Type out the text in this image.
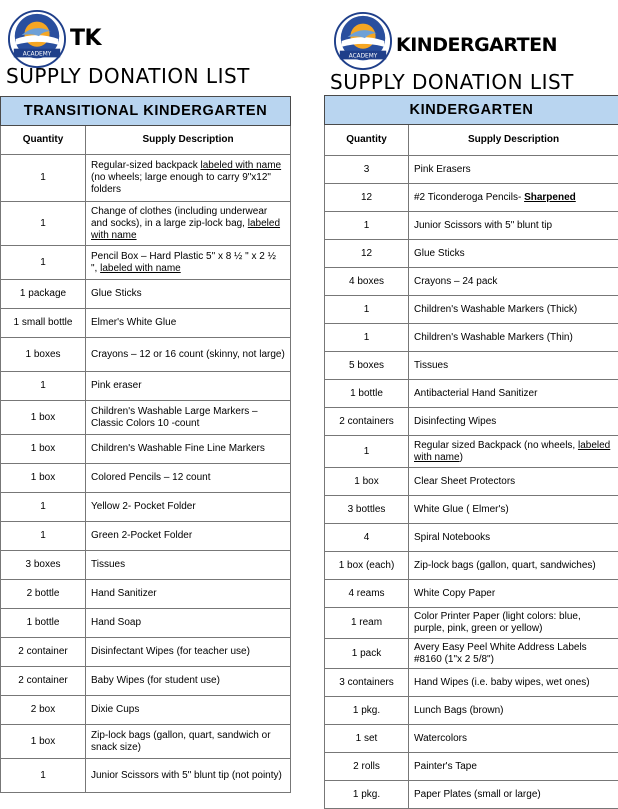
ACADEMY
TK
SUPPLY DONATION LIST
TRANSITIONAL KINDERGARTEN	
Quantity	Supply Description
1	Regular-sized backpack labeled with name (no wheels; large enough to carry 9"x12" folders
1	Change of clothes (including underwear and socks), in a large zip-lock bag, labeled with name
1	Pencil Box – Hard Plastic 5" x 8 ½ " x 2 ½ ", labeled with name
1 package	Glue Sticks
1 small bottle	Elmer's White Glue
1 boxes	Crayons – 12 or 16 count (skinny, not large)
1	Pink eraser
1 box	Children's Washable Large Markers – Classic Colors 10 -count
1 box	Children's Washable Fine Line Markers
1 box	Colored Pencils – 12 count
1	Yellow 2- Pocket Folder
1	Green 2-Pocket Folder
3 boxes	Tissues
2 bottle	Hand Sanitizer
1 bottle	Hand Soap
2 container	Disinfectant Wipes (for teacher use)
2 container	Baby Wipes (for student use)
2 box	Dixie Cups
1 box	Zip-lock bags (gallon, quart, sandwich or snack size)
1	Junior Scissors with 5" blunt tip (not pointy)
ACADEMY
KINDERGARTEN
SUPPLY DONATION LIST
KINDERGARTEN	
Quantity	Supply Description
3	Pink Erasers
12	#2 Ticonderoga Pencils- Sharpened
1	Junior Scissors with 5" blunt tip
12	Glue Sticks
4 boxes	Crayons – 24 pack
1	Children's Washable Markers (Thick)
1	Children's Washable Markers (Thin)
5 boxes	Tissues
1 bottle	Antibacterial Hand Sanitizer
2 containers	Disinfecting Wipes
1	Regular sized Backpack (no wheels, labeled with name)
1 box	Clear Sheet Protectors
3 bottles	White Glue ( Elmer's)
4	Spiral Notebooks
1 box (each)	Zip-lock bags (gallon, quart, sandwiches)
4 reams	White Copy Paper
1 ream	Color Printer Paper (light colors: blue, purple, pink, green or yellow)
1 pack	Avery Easy Peel White Address Labels #8160 (1"x 2 5/8")
3 containers	Hand Wipes (i.e. baby wipes, wet ones)
1 pkg.	Lunch Bags (brown)
1 set	Watercolors
2 rolls	Painter's Tape
1 pkg.	Paper Plates (small or large)
